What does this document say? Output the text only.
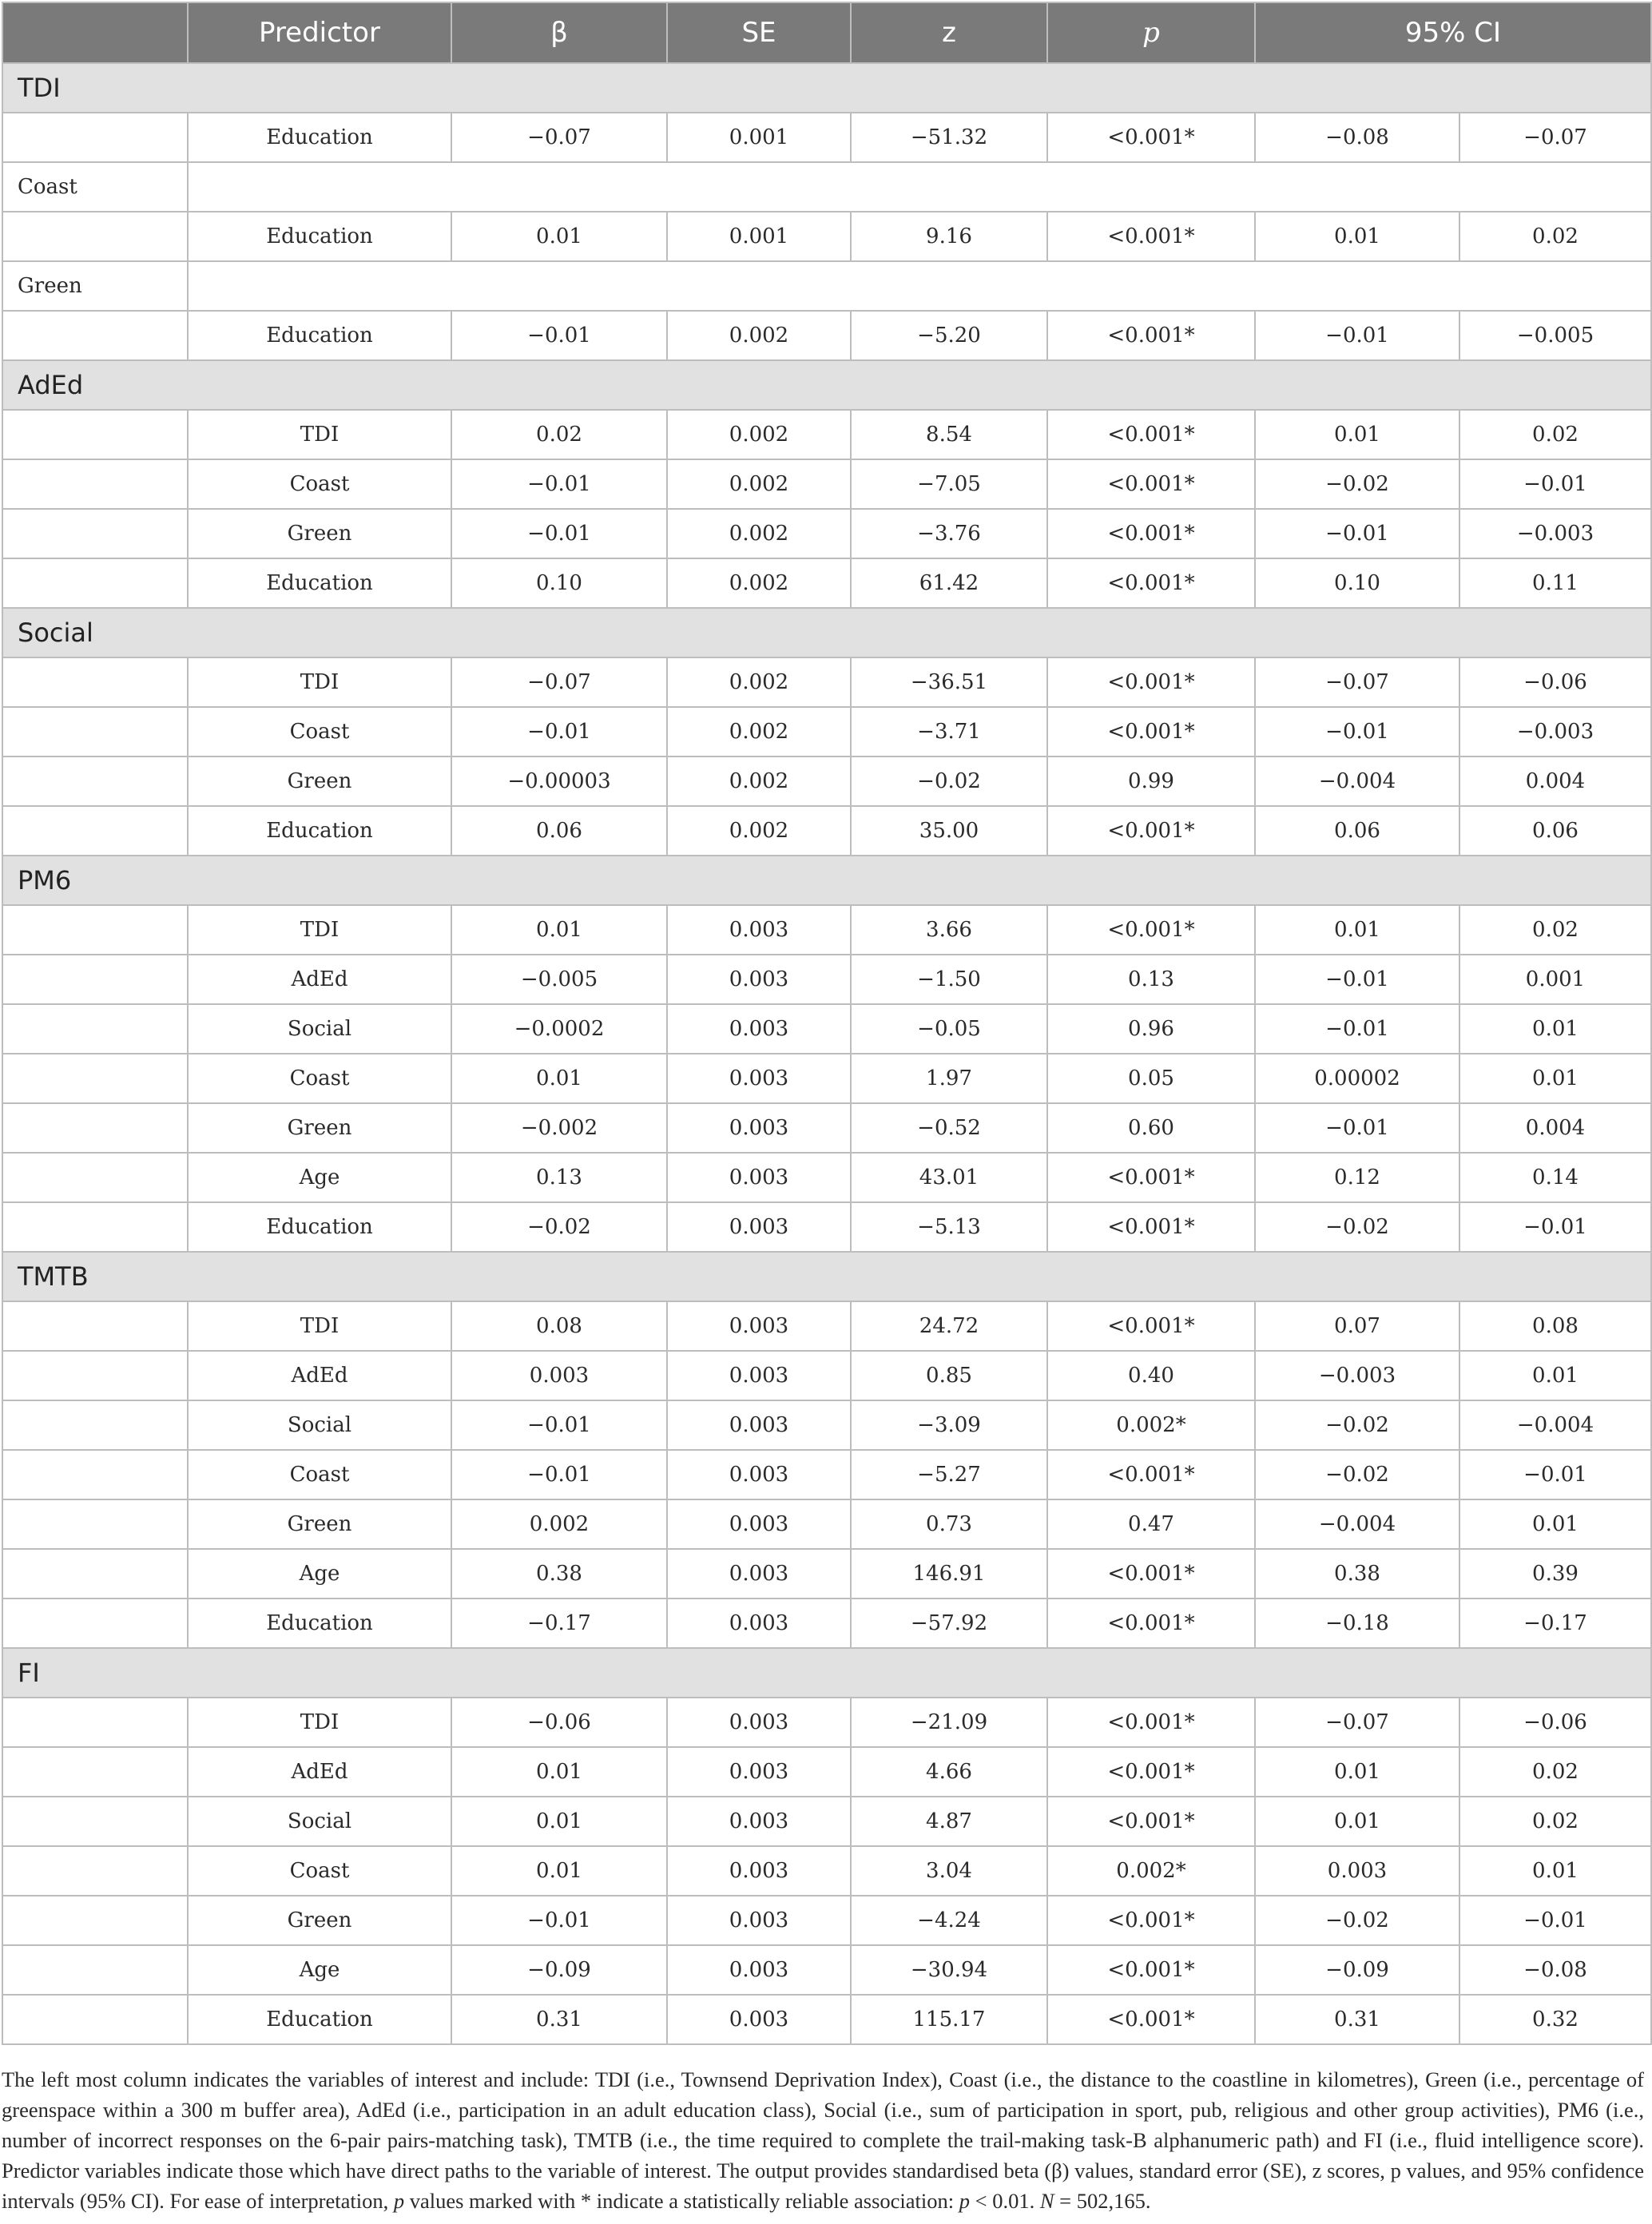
	Predictor	β	SE	z	p	95% CI	
TDI							
	Education	−0.07	0.001	−51.32	<0.001*	−0.08	−0.07
Coast							
	Education	0.01	0.001	9.16	<0.001*	0.01	0.02
Green							
	Education	−0.01	0.002	−5.20	<0.001*	−0.01	−0.005
AdEd							
	TDI	0.02	0.002	8.54	<0.001*	0.01	0.02
	Coast	−0.01	0.002	−7.05	<0.001*	−0.02	−0.01
	Green	−0.01	0.002	−3.76	<0.001*	−0.01	−0.003
	Education	0.10	0.002	61.42	<0.001*	0.10	0.11
Social							
	TDI	−0.07	0.002	−36.51	<0.001*	−0.07	−0.06
	Coast	−0.01	0.002	−3.71	<0.001*	−0.01	−0.003
	Green	−0.00003	0.002	−0.02	0.99	−0.004	0.004
	Education	0.06	0.002	35.00	<0.001*	0.06	0.06
PM6							
	TDI	0.01	0.003	3.66	<0.001*	0.01	0.02
	AdEd	−0.005	0.003	−1.50	0.13	−0.01	0.001
	Social	−0.0002	0.003	−0.05	0.96	−0.01	0.01
	Coast	0.01	0.003	1.97	0.05	0.00002	0.01
	Green	−0.002	0.003	−0.52	0.60	−0.01	0.004
	Age	0.13	0.003	43.01	<0.001*	0.12	0.14
	Education	−0.02	0.003	−5.13	<0.001*	−0.02	−0.01
TMTB							
	TDI	0.08	0.003	24.72	<0.001*	0.07	0.08
	AdEd	0.003	0.003	0.85	0.40	−0.003	0.01
	Social	−0.01	0.003	−3.09	0.002*	−0.02	−0.004
	Coast	−0.01	0.003	−5.27	<0.001*	−0.02	−0.01
	Green	0.002	0.003	0.73	0.47	−0.004	0.01
	Age	0.38	0.003	146.91	<0.001*	0.38	0.39
	Education	−0.17	0.003	−57.92	<0.001*	−0.18	−0.17
FI							
	TDI	−0.06	0.003	−21.09	<0.001*	−0.07	−0.06
	AdEd	0.01	0.003	4.66	<0.001*	0.01	0.02
	Social	0.01	0.003	4.87	<0.001*	0.01	0.02
	Coast	0.01	0.003	3.04	0.002*	0.003	0.01
	Green	−0.01	0.003	−4.24	<0.001*	−0.02	−0.01
	Age	−0.09	0.003	−30.94	<0.001*	−0.09	−0.08
	Education	0.31	0.003	115.17	<0.001*	0.31	0.32
The left most column indicates the variables of interest and include: TDI (i.e., Townsend Deprivation Index), Coast (i.e., the distance to the coastline in kilometres), Green (i.e., percentage of greenspace within a 300 m buffer area), AdEd (i.e., participation in an adult education class), Social (i.e., sum of participation in sport, pub, religious and other group activities), PM6 (i.e., number of incorrect responses on the 6-pair pairs-matching task), TMTB (i.e., the time required to complete the trail-making task-B alphanumeric path) and FI (i.e., fluid intelligence score). Predictor variables indicate those which have direct paths to the variable of interest. The output provides standardised beta (β) values, standard error (SE), z scores, p values, and 95% confidence intervals (95% CI). For ease of interpretation, p values marked with * indicate a statistically reliable association: p < 0.01. N = 502,165.
